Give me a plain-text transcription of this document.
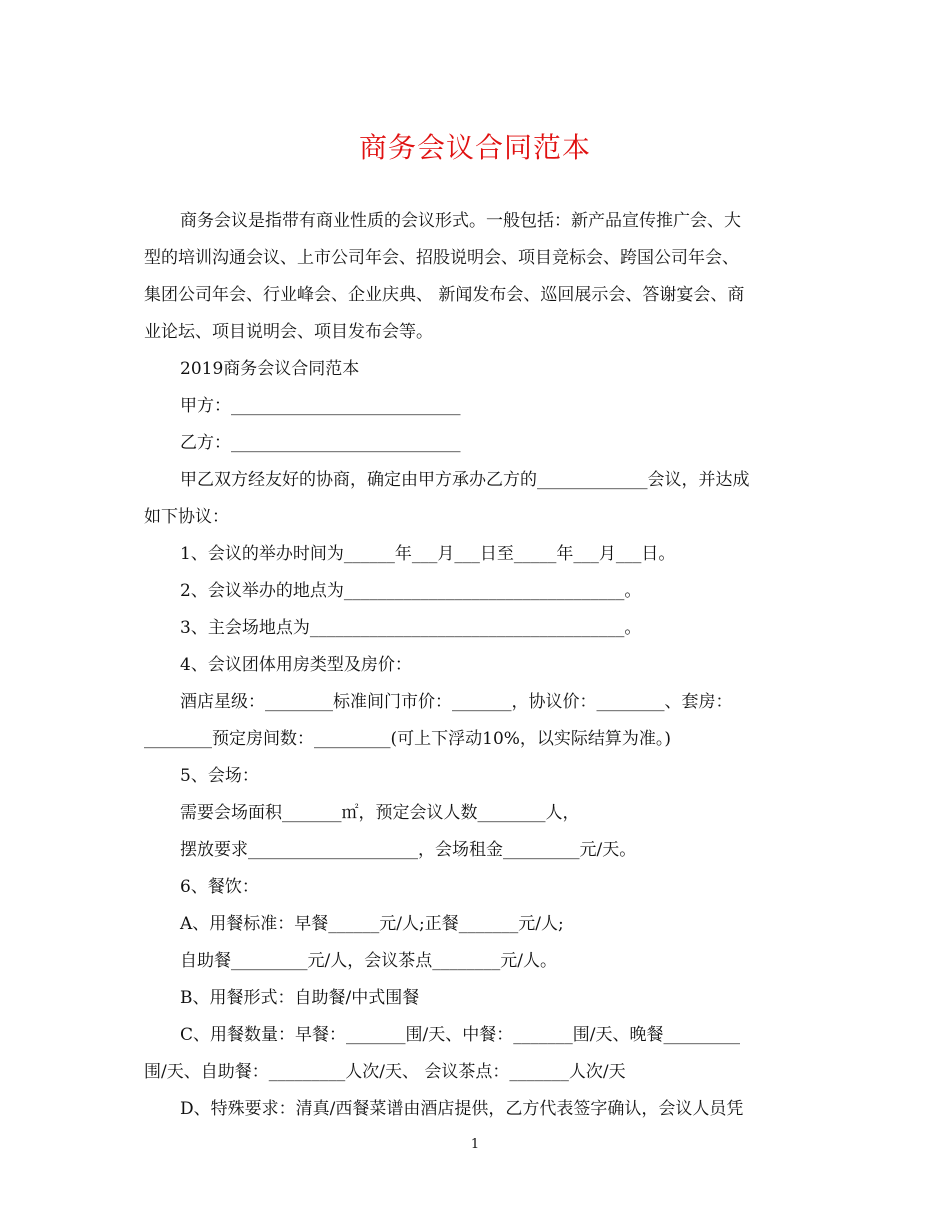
商务会议合同范本
商务会议是指带有商业性质的会议形式。一般包括：新产品宣传推广会、大
型的培训沟通会议、上市公司年会、招股说明会、项目竞标会、跨国公司年会、
集团公司年会、行业峰会、企业庆典、 新闻发布会、巡回展示会、答谢宴会、商
业论坛、项目说明会、项目发布会等。
2019商务会议合同范本
甲方：___________________________
乙方：___________________________
甲乙双方经友好的协商，确定由甲方承办乙方的_____________会议，并达成
如下协议：
1、会议的举办时间为______年___月___日至_____年___月___日。
2、会议举办的地点为_________________________________。
3、主会场地点为_____________________________________。
4、会议团体用房类型及房价：
酒店星级：________标准间门市价：_______，协议价：________、套房：
________预定房间数：_________(可上下浮动10%，以实际结算为准。)
5、会场：
需要会场面积_______㎡，预定会议人数________人，
摆放要求____________________，会场租金_________元/天。
6、餐饮：
A、用餐标准：早餐______元/人;正餐_______元/人;
自助餐_________元/人，会议茶点________元/人。
B、用餐形式：自助餐/中式围餐
C、用餐数量：早餐：_______围/天、中餐：_______围/天、晚餐_________
围/天、自助餐：_________人次/天、 会议茶点：_______人次/天
D、特殊要求：清真/西餐菜谱由酒店提供，乙方代表签字确认，会议人员凭
1
